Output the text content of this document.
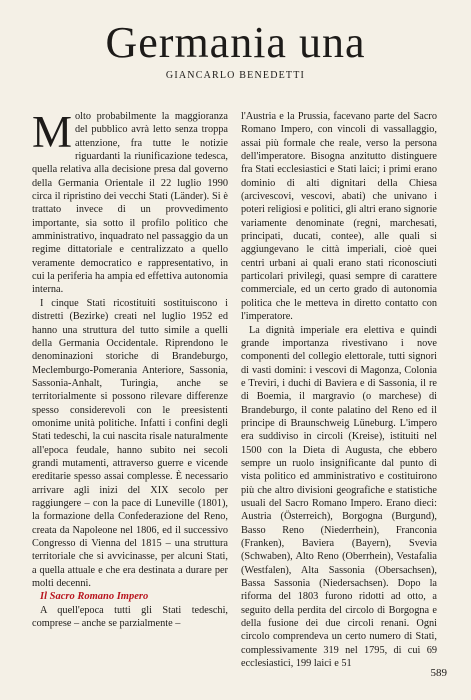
Germania una
GIANCARLO BENEDETTI

Molto probabilmente la maggioranza del pubblico avrà letto senza troppa attenzione, fra tutte le notizie riguardanti la riunificazione tedesca, quella relativa alla decisione presa dal governo della Germania Orientale il 22 luglio 1990 circa il ripristino dei vecchi Stati (Länder). Si è trattato invece di un provvedimento importante, sia sotto il profilo politico che amministrativo, inquadrato nel passaggio da un regime dittatoriale e centralizzato a quello veramente democratico e rappresentativo, in cui la periferia ha ampia ed effettiva autonomia interna.

I cinque Stati ricostituiti sostituiscono i distretti (Bezirke) creati nel luglio 1952 ed hanno una struttura del tutto simile a quelli della Germania Occidentale. Riprendono le denominazioni storiche di Brandeburgo, Meclemburgo-Pomerania Anteriore, Sassonia, Sassonia-Anhalt, Turingia, anche se territorialmente si possono rilevare differenze spesso considerevoli con le preesistenti omonime unità politiche. Infatti i confini degli Stati tedeschi, la cui nascita risale naturalmente all'epoca feudale, hanno subito nei secoli grandi mutamenti, attraverso guerre e vicende ereditarie spesso assai complesse. È necessario arrivare agli inizi del XIX secolo per raggiungere – con la pace di Luneville (1801), la formazione della Confederazione del Reno, creata da Napoleone nel 1806, ed il successivo Congresso di Vienna del 1815 – una struttura territoriale che si avvicinasse, per alcuni Stati, a quella attuale e che era destinata a durare per molti decenni.

Il Sacro Romano Impero

A quell'epoca tutti gli Stati tedeschi, comprese – anche se parzialmente –

l'Austria e la Prussia, facevano parte del Sacro Romano Impero, con vincoli di vassallaggio, assai più formale che reale, verso la persona dell'imperatore. Bisogna anzitutto distinguere fra Stati ecclesiastici e Stati laici; i primi erano dominio di alti dignitari della Chiesa (arcivescovi, vescovi, abati) che univano i poteri religiosi e politici, gli altri erano signorie variamente denominate (regni, marchesati, principati, ducati, contee), alle quali si aggiungevano le città imperiali, cioè quei centri urbani ai quali erano stati riconosciuti particolari privilegi, quasi sempre di carattere commerciale, ed un certo grado di autonomia politica che le metteva in diretto contatto con l'imperatore.

La dignità imperiale era elettiva e quindi grande importanza rivestivano i nove componenti del collegio elettorale, tutti signori di vasti domini: i vescovi di Magonza, Colonia e Treviri, i duchi di Baviera e di Sassonia, il re di Boemia, il margravio (o marchese) di Brandeburgo, il conte palatino del Reno ed il principe di Braunschweig Lüneburg. L'impero era suddiviso in circoli (Kreise), istituiti nel 1500 con la Dieta di Augusta, che ebbero sempre un ruolo insignificante dal punto di vista politico ed amministrativo e costituirono più che altro divisioni geografiche e statistiche usuali del Sacro Romano Impero. Erano dieci: Austria (Österreich), Borgogna (Burgund), Basso Reno (Niederrhein), Franconia (Franken), Baviera (Bayern), Svevia (Schwaben), Alto Reno (Oberrhein), Vestafalia (Westfalen), Alta Sassonia (Obersachsen), Bassa Sassonia (Niedersachsen). Dopo la riforma del 1803 furono ridotti ad otto, a seguito della perdita del circolo di Borgogna e della fusione dei due circoli renani. Ogni circolo comprendeva un certo numero di Stati, complessivamente 319 nel 1795, di cui 69 ecclesiastici, 199 laici e 51

589
